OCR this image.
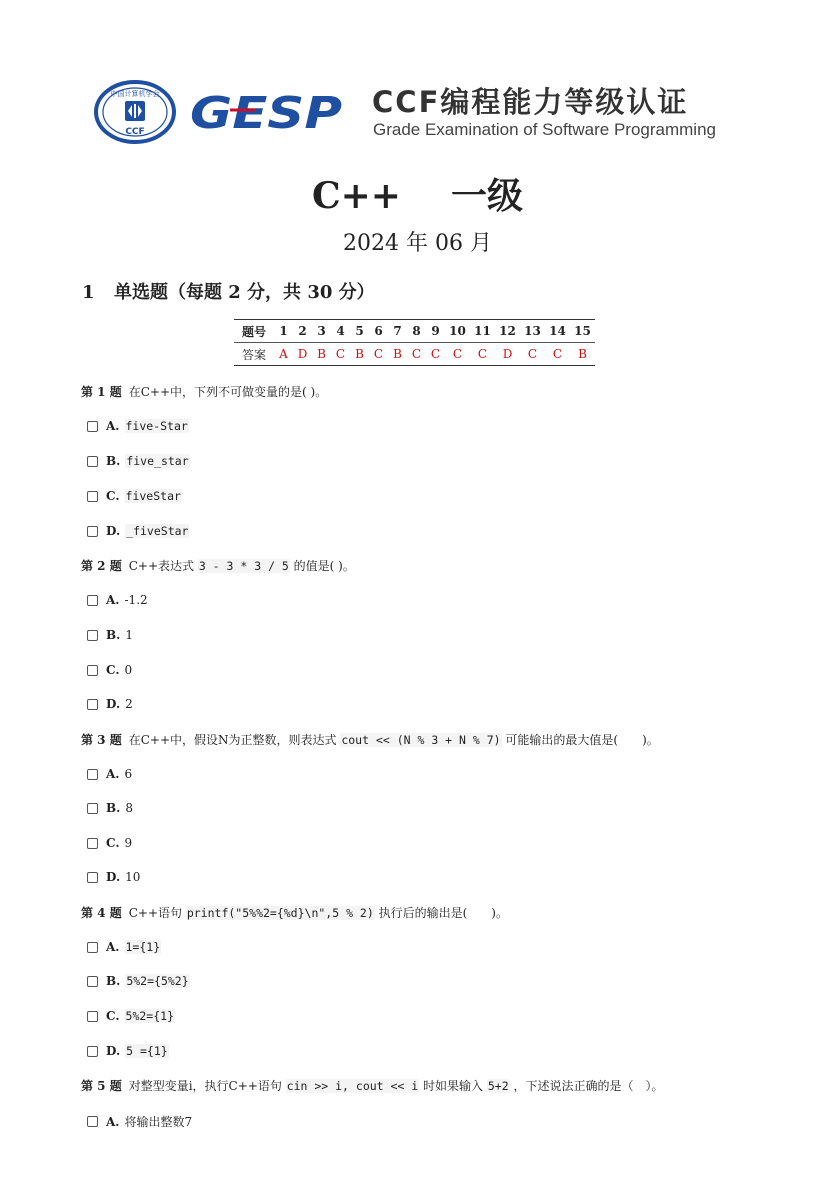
中国计算机学会
CCF GESP CCF编程能力等级认证
Grade Examination of Software Programming
C++    一级
2024 年 06 月
1 单选题（每题 2 分，共 30 分）
题号	1	2	3	4	5	6	7	8	9	10	11	12	13	14	15
答案	A	D	B	C	B	C	B	C	C	C	C	D	C	C	B
第 1 题 在C++中，下列不可做变量的是( )。
A. five-Star
B. five_star
C. fiveStar
D. _fiveStar
第 2 题 C++表达式 3 - 3 * 3 / 5 的值是( )。
A. -1.2
B. 1
C. 0
D. 2
第 3 题 在C++中，假设N为正整数，则表达式 cout << (N % 3 + N % 7) 可能输出的最大值是(　　)。
A. 6
B. 8
C. 9
D. 10
第 4 题 C++语句 printf("5%%2={%d}\n",5 % 2) 执行后的输出是(　　)。
A. 1={1}
B. 5%2={5%2}
C. 5%2={1}
D. 5 ={1}
第 5 题 对整型变量i，执行C++语句 cin >> i, cout << i 时如果输入 5+2 ，下述说法正确的是（　）。
A. 将输出整数7
